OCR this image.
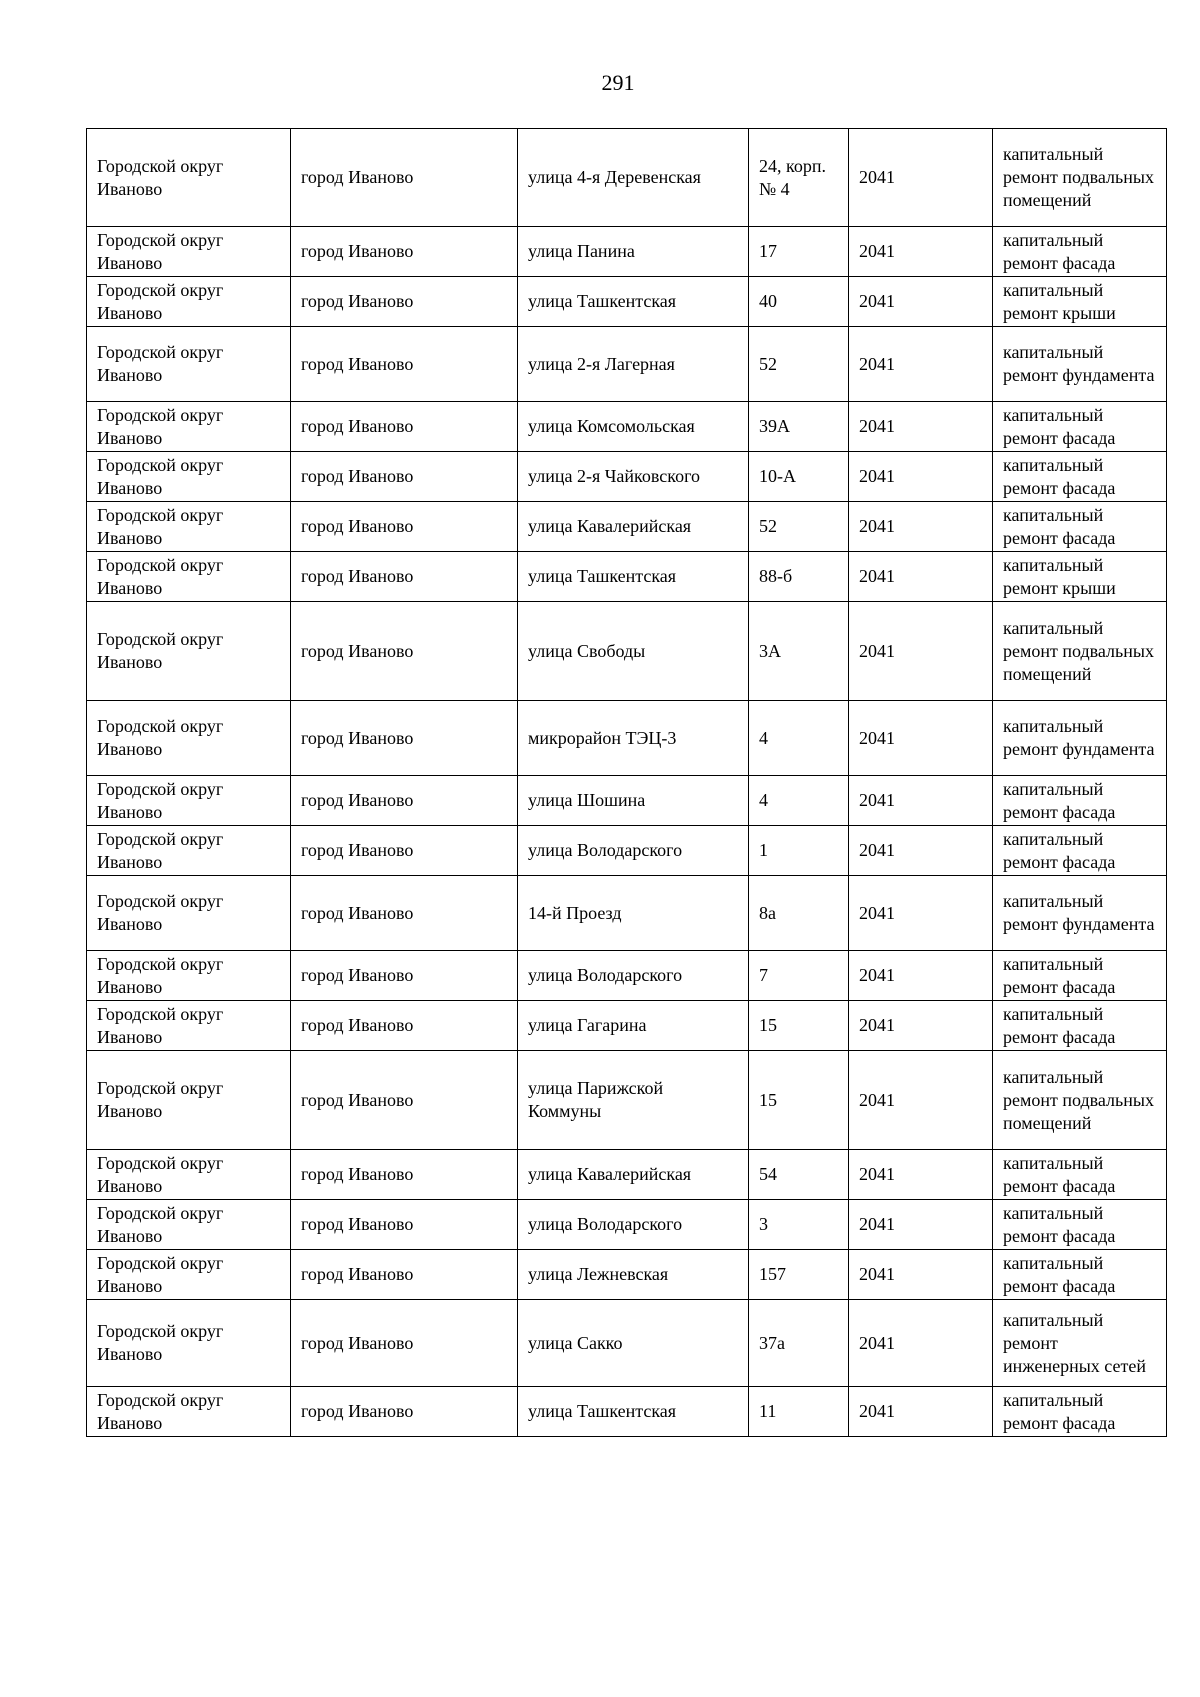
291
Городской округ Иваново	город Иваново	улица 4-я Деревенская	24, корп. № 4	2041	капитальный ремонт подвальных помещений
Городской округ Иваново	город Иваново	улица Панина	17	2041	капитальный ремонт фасада
Городской округ Иваново	город Иваново	улица Ташкентская	40	2041	капитальный ремонт крыши
Городской округ Иваново	город Иваново	улица 2-я Лагерная	52	2041	капитальный ремонт фундамента
Городской округ Иваново	город Иваново	улица Комсомольская	39А	2041	капитальный ремонт фасада
Городской округ Иваново	город Иваново	улица 2-я Чайковского	10-А	2041	капитальный ремонт фасада
Городской округ Иваново	город Иваново	улица Кавалерийская	52	2041	капитальный ремонт фасада
Городской округ Иваново	город Иваново	улица Ташкентская	88-б	2041	капитальный ремонт крыши
Городской округ Иваново	город Иваново	улица Свободы	3А	2041	капитальный ремонт подвальных помещений
Городской округ Иваново	город Иваново	микрорайон ТЭЦ-3	4	2041	капитальный ремонт фундамента
Городской округ Иваново	город Иваново	улица Шошина	4	2041	капитальный ремонт фасада
Городской округ Иваново	город Иваново	улица Володарского	1	2041	капитальный ремонт фасада
Городской округ Иваново	город Иваново	14-й Проезд	8а	2041	капитальный ремонт фундамента
Городской округ Иваново	город Иваново	улица Володарского	7	2041	капитальный ремонт фасада
Городской округ Иваново	город Иваново	улица Гагарина	15	2041	капитальный ремонт фасада
Городской округ Иваново	город Иваново	улица Парижской Коммуны	15	2041	капитальный ремонт подвальных помещений
Городской округ Иваново	город Иваново	улица Кавалерийская	54	2041	капитальный ремонт фасада
Городской округ Иваново	город Иваново	улица Володарского	3	2041	капитальный ремонт фасада
Городской округ Иваново	город Иваново	улица Лежневская	157	2041	капитальный ремонт фасада
Городской округ Иваново	город Иваново	улица Сакко	37а	2041	капитальный ремонт инженерных сетей
Городской округ Иваново	город Иваново	улица Ташкентская	11	2041	капитальный ремонт фасада
